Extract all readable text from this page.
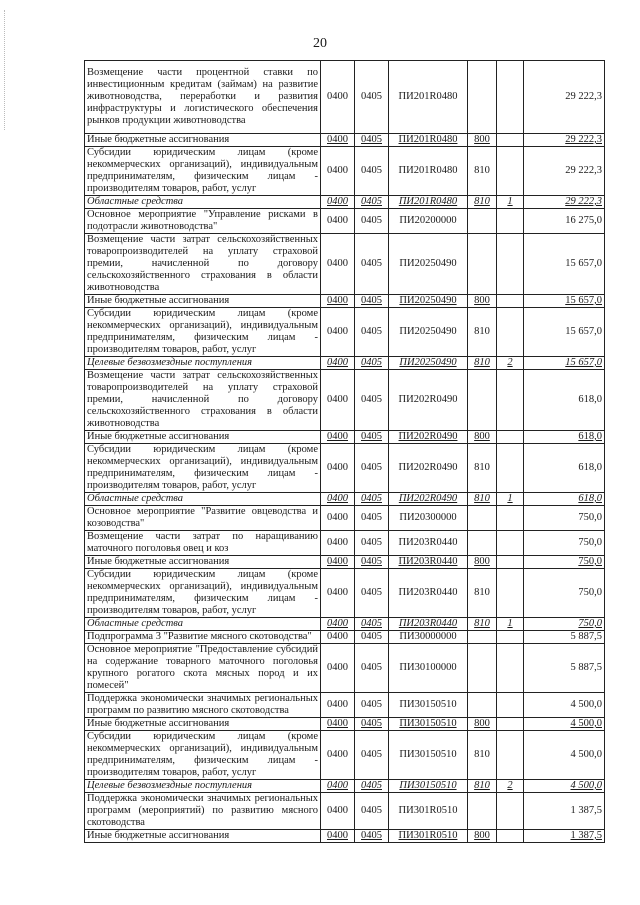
20
Возмещение части процентной ставки по инвестиционным кредитам (займам) на развитие животноводства, переработки и развития инфраструктуры и логистического обеспечения рынков продукции животноводства	0400	0405	ПИ201R0480			29 222,3
Иные бюджетные ассигнования	0400	0405	ПИ201R0480	800		29 222,3
Субсидии юридическим лицам (кроме некоммерческих организаций), индивидуальным предпринимателям, физическим лицам - производителям товаров, работ, услуг	0400	0405	ПИ201R0480	810		29 222,3
Областные средства	0400	0405	ПИ201R0480	810	1	29 222,3
Основное мероприятие "Управление рисками в подотрасли животноводства"	0400	0405	ПИ20200000			16 275,0
Возмещение части затрат сельскохозяйственных товаропроизводителей на уплату страховой премии, начисленной по договору сельскохозяйственного страхования в области животноводства	0400	0405	ПИ20250490			15 657,0
Иные бюджетные ассигнования	0400	0405	ПИ20250490	800		15 657,0
Субсидии юридическим лицам (кроме некоммерческих организаций), индивидуальным предпринимателям, физическим лицам - производителям товаров, работ, услуг	0400	0405	ПИ20250490	810		15 657,0
Целевые безвозмездные поступления	0400	0405	ПИ20250490	810	2	15 657,0
Возмещение части затрат сельскохозяйственных товаропроизводителей на уплату страховой премии, начисленной по договору сельскохозяйственного страхования в области животноводства	0400	0405	ПИ202R0490			618,0
Иные бюджетные ассигнования	0400	0405	ПИ202R0490	800		618,0
Субсидии юридическим лицам (кроме некоммерческих организаций), индивидуальным предпринимателям, физическим лицам - производителям товаров, работ, услуг	0400	0405	ПИ202R0490	810		618,0
Областные средства	0400	0405	ПИ202R0490	810	1	618,0
Основное мероприятие "Развитие овцеводства и козоводства"	0400	0405	ПИ20300000			750,0
Возмещение части затрат по наращиванию маточного поголовья овец и коз	0400	0405	ПИ203R0440			750,0
Иные бюджетные ассигнования	0400	0405	ПИ203R0440	800		750,0
Субсидии юридическим лицам (кроме некоммерческих организаций), индивидуальным предпринимателям, физическим лицам - производителям товаров, работ, услуг	0400	0405	ПИ203R0440	810		750,0
Областные средства	0400	0405	ПИ203R0440	810	1	750,0
Подпрограмма 3 "Развитие мясного скотоводства"	0400	0405	ПИ30000000			5 887,5
Основное мероприятие "Предоставление субсидий на содержание товарного маточного поголовья крупного рогатого скота мясных пород и их помесей"	0400	0405	ПИ30100000			5 887,5
Поддержка экономически значимых региональных программ по развитию мясного скотоводства	0400	0405	ПИ30150510			4 500,0
Иные бюджетные ассигнования	0400	0405	ПИ30150510	800		4 500,0
Субсидии юридическим лицам (кроме некоммерческих организаций), индивидуальным предпринимателям, физическим лицам - производителям товаров, работ, услуг	0400	0405	ПИ30150510	810		4 500,0
Целевые безвозмездные поступления	0400	0405	ПИ30150510	810	2	4 500,0
Поддержка экономически значимых региональных программ (мероприятий) по развитию мясного скотоводства	0400	0405	ПИ301R0510			1 387,5
Иные бюджетные ассигнования	0400	0405	ПИ301R0510	800		1 387,5
